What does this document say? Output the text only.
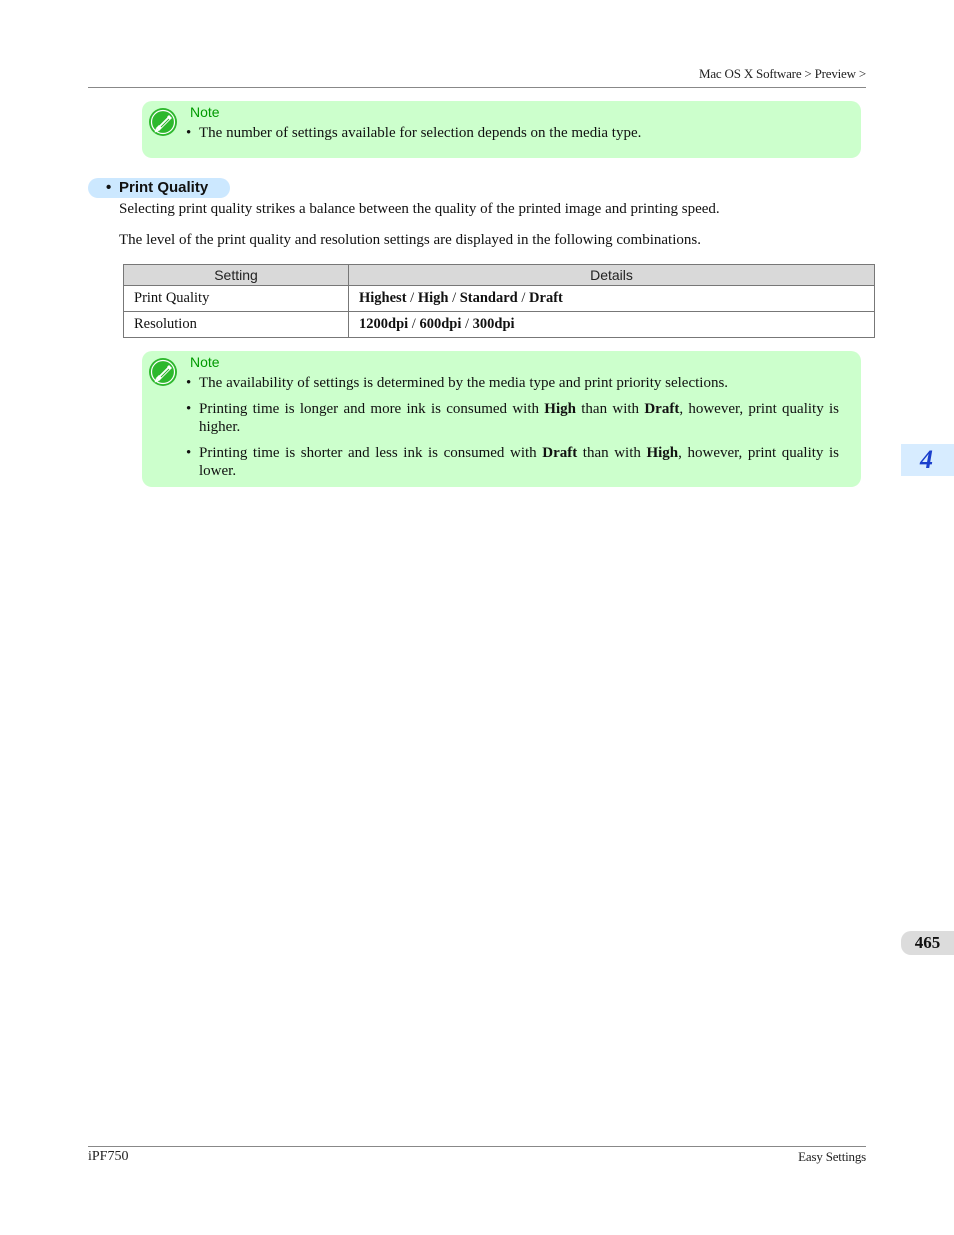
Mac OS X Software > Preview >
Note
• The number of settings available for selection depends on the media type.
• Print Quality
Selecting print quality strikes a balance between the quality of the printed image and printing speed.
The level of the print quality and resolution settings are displayed in the following combinations.
Setting	Details
Print Quality	Highest / High / Standard / Draft
Resolution	1200dpi / 600dpi / 300dpi
Note
• The availability of settings is determined by the media type and print priority selections.
• Printing time is longer and more ink is consumed with High than with Draft, however, print quality is higher.
• Printing time is shorter and less ink is consumed with Draft than with High, however, print quality is lower.	4
465
iPF750	Easy Settings
